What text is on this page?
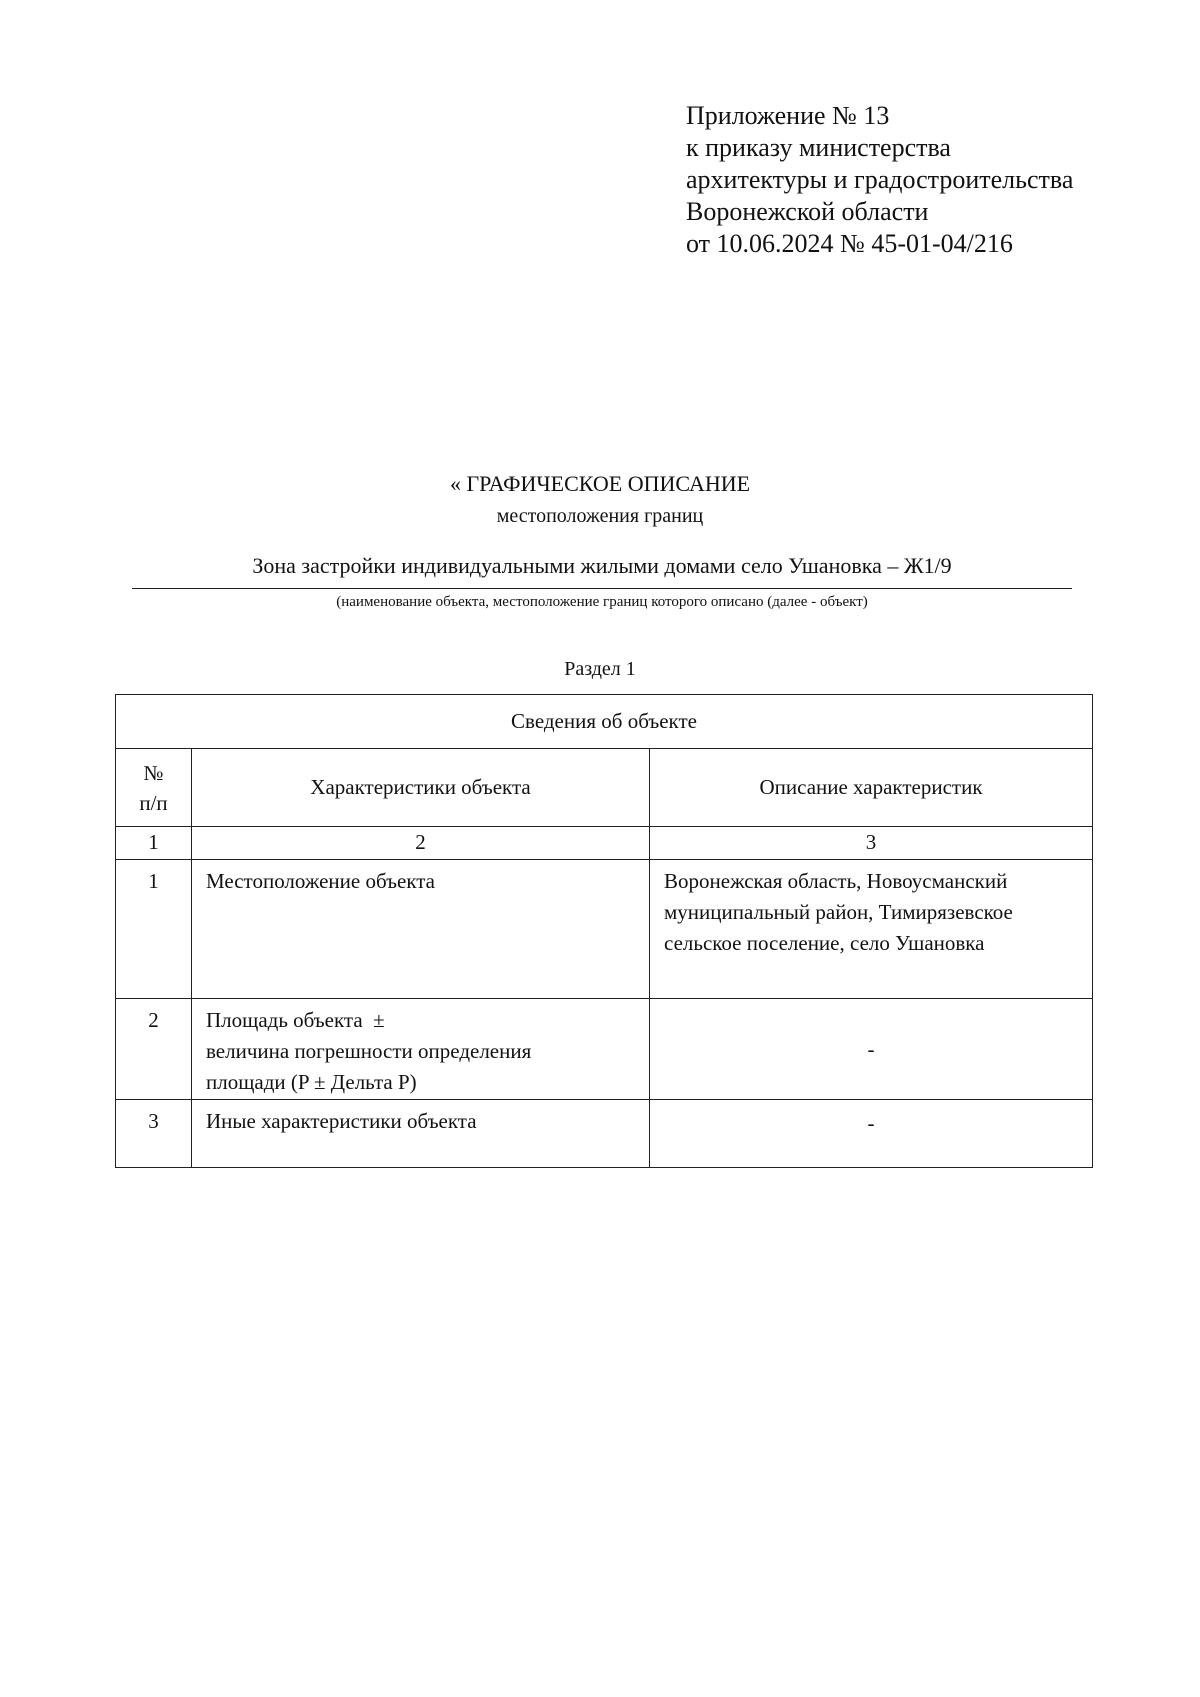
Приложение № 13
к приказу министерства
архитектуры и градостроительства
Воронежской области
от 10.06.2024 № 45-01-04/216
« ГРАФИЧЕСКОЕ ОПИСАНИЕ
местоположения границ
Зона застройки индивидуальными жилыми домами село Ушановка – Ж1/9
(наименование объекта, местоположение границ которого описано (далее - объект)
Раздел 1
Сведения об объекте		

№
п/п	Характеристики объекта	Описание характеристик
1	2	3
1	Местоположение объекта	Воронежская область, Новоусманский
муниципальный район, Тимирязевское
сельское поселение, село Ушановка

2	Площадь объекта  ±
величина погрешности определения
площади (P ± Дельта P)	-
3	Иные характеристики объекта	-
